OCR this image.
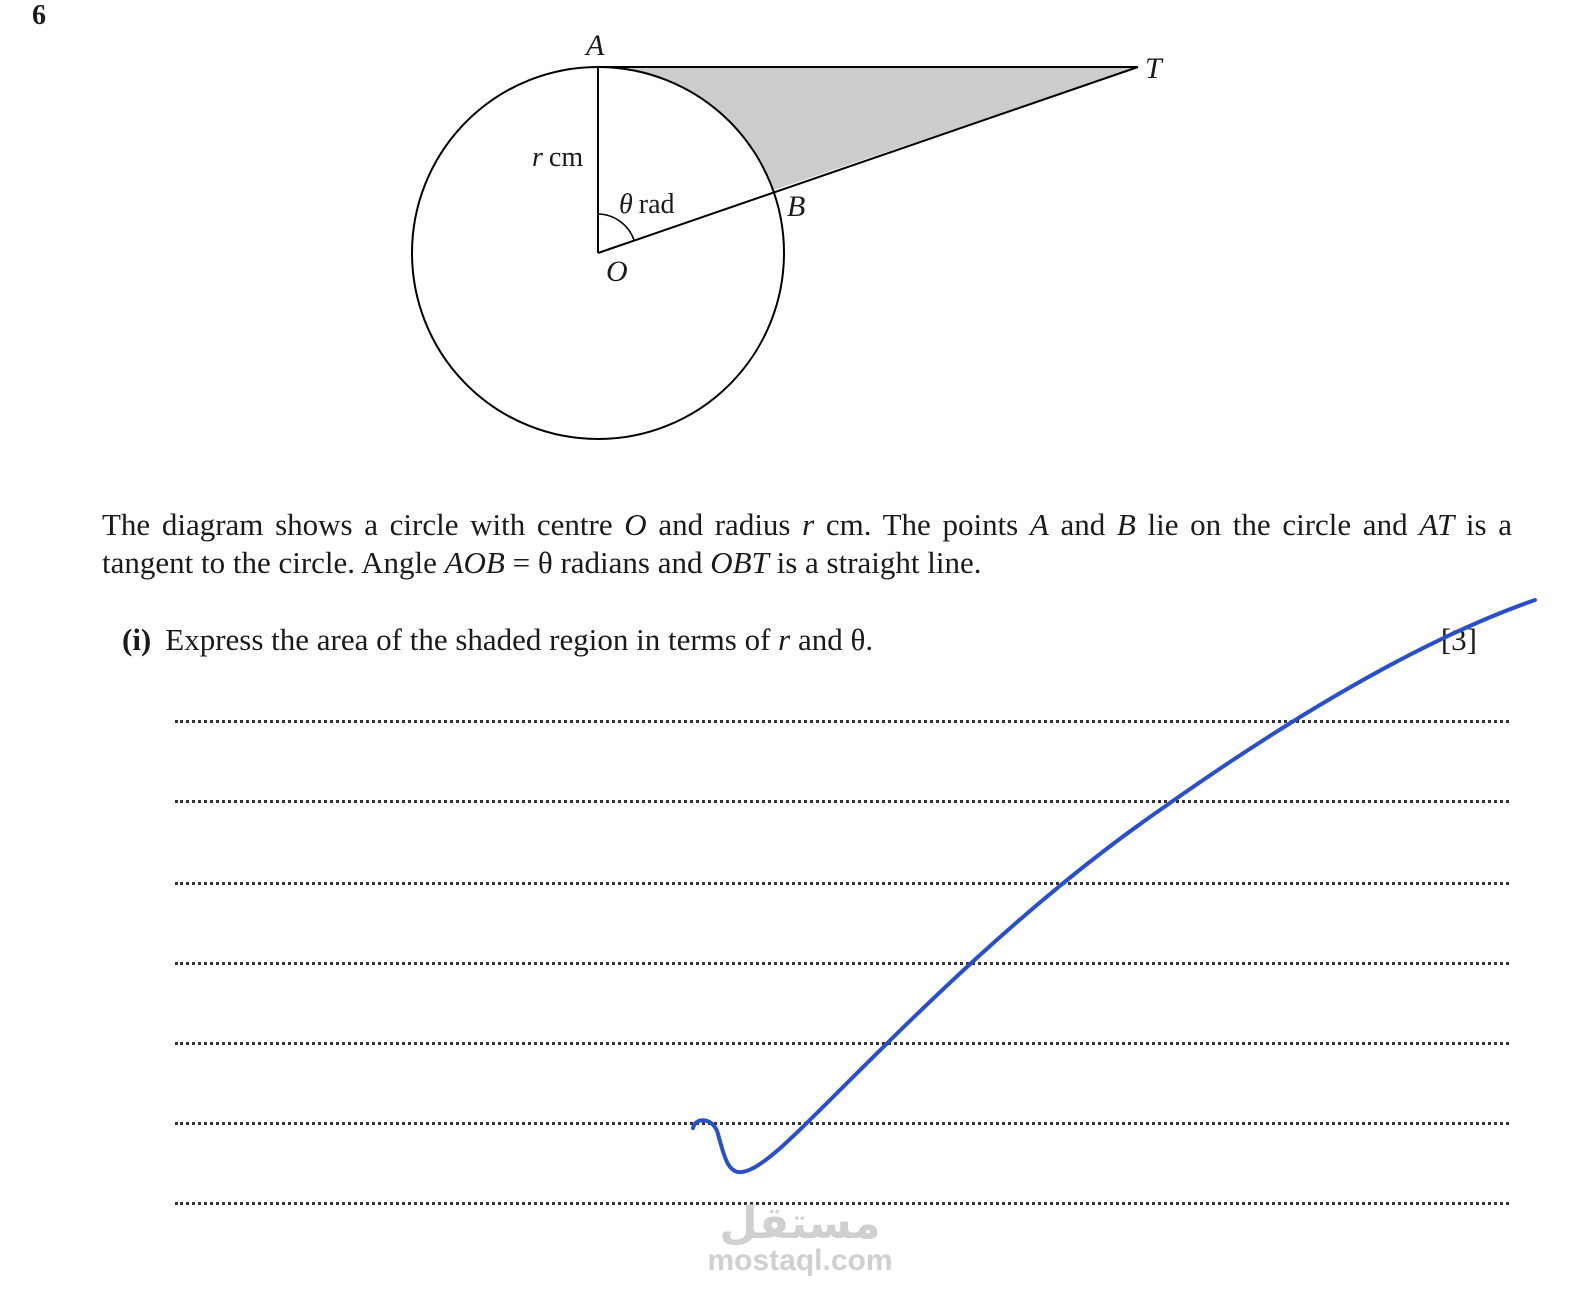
6
A
T
B
O
r cm
θ rad
The diagram shows a circle with centre O and radius r cm. The points A and B lie on the circle and AT is a tangent to the circle. Angle AOB = θ radians and OBT is a straight line.
(i) Express the area of the shaded region in terms of r and θ.	[3]
مستقل
mostaql.com
